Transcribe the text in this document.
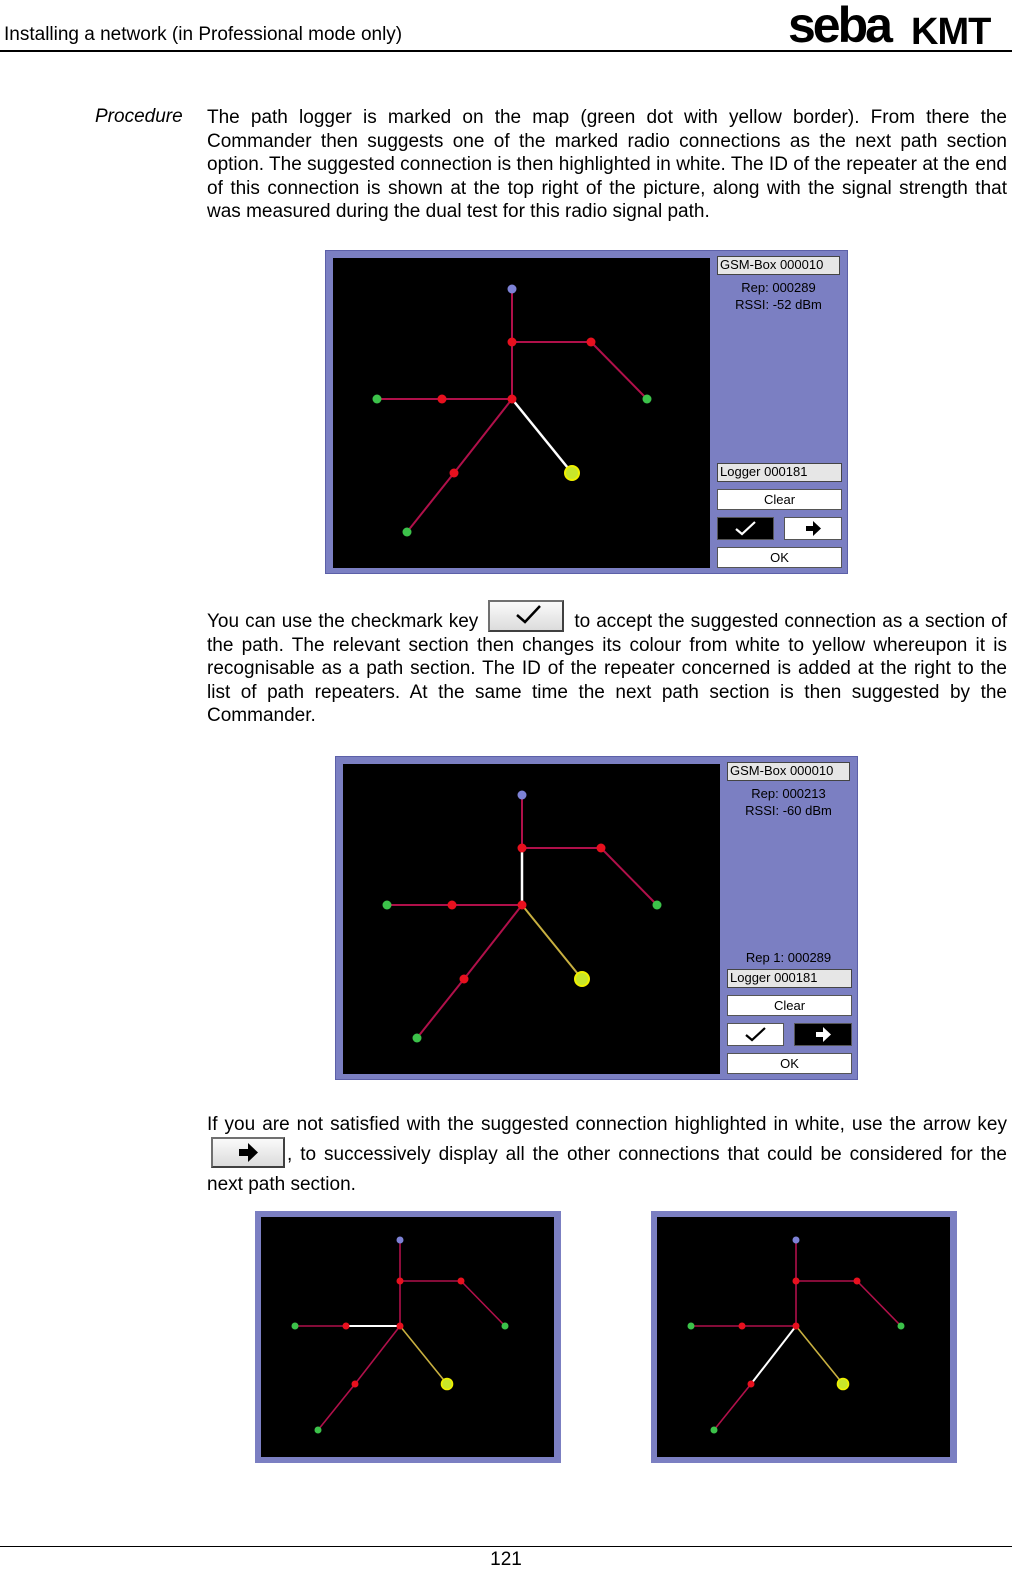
Installing a network (in Professional mode only)	seba KMT
Procedure The path logger is marked on the map (green dot with yellow border). From there the Commander then suggests one of the marked radio connections as the next path section option. The suggested connection is then highlighted in white. The ID of the repeater at the end of this connection is shown at the top right of the picture, along with the signal strength that was measured during the dual test for this radio signal path.
GSM-Box 000010
Rep: 000289
RSSI: -52 dBm
Logger 000181
Clear
OK
You can use the checkmark key	to accept the suggested connection as a section of the path. The relevant section then changes its colour from white to yellow whereupon it is recognisable as a path section. The ID of the repeater concerned is added at the right to the list of path repeaters. At the same time the next path section is then suggested by the Commander.
GSM-Box 000010
Rep: 000213
RSSI: -60 dBm
Rep 1: 000289
Logger 000181
Clear
OK
If you are not satisfied with the suggested connection highlighted in white, use the arrow key
, to successively display all the other connections that could be considered for the next path section.
121
